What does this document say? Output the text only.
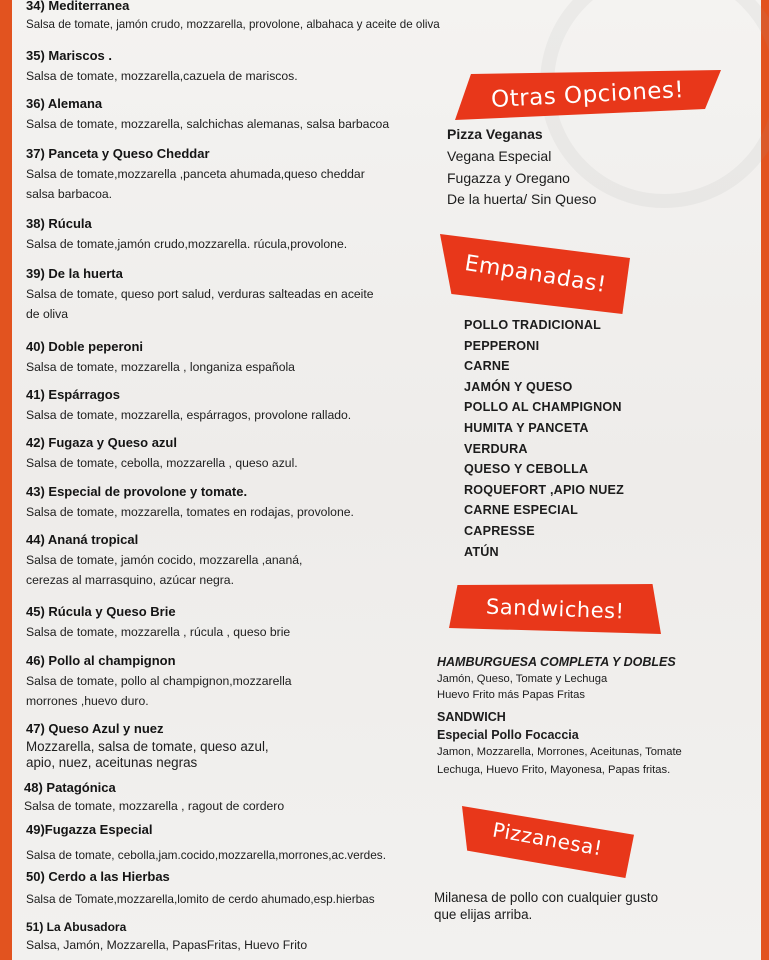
34) Mediterranea
Salsa de tomate, jamón crudo, mozzarella, provolone, albahaca y aceite de oliva
35) Mariscos .
Salsa de tomate, mozzarella,cazuela de mariscos.
36) Alemana
Salsa de tomate, mozzarella, salchichas alemanas, salsa barbacoa
37) Panceta y Queso Cheddar
Salsa de tomate,mozzarella ,panceta ahumada,queso cheddar
salsa barbacoa.
38) Rúcula
Salsa de tomate,jamón crudo,mozzarella. rúcula,provolone.
39) De la huerta
Salsa de tomate, queso port salud, verduras salteadas en aceite
de oliva
40) Doble peperoni
Salsa de tomate, mozzarella , longaniza española
41) Espárragos
Salsa de tomate, mozzarella, espárragos, provolone rallado.
42) Fugaza y Queso azul
Salsa de tomate, cebolla, mozzarella , queso azul.
43) Especial de provolone y tomate.
Salsa de tomate, mozzarella, tomates en rodajas, provolone.
44) Ananá tropical
Salsa de tomate, jamón cocido, mozzarella ,ananá,
cerezas al marrasquino, azúcar negra.
45) Rúcula y Queso Brie
Salsa de tomate, mozzarella , rúcula , queso brie
46) Pollo al champignon
Salsa de tomate, pollo al champignon,mozzarella
morrones ,huevo duro.
47) Queso Azul y nuez
Mozzarella, salsa de tomate, queso azul,
apio, nuez, aceitunas negras
48) Patagónica
Salsa de tomate, mozzarella , ragout de cordero
49)Fugazza Especial
Salsa de tomate, cebolla,jam.cocido,mozzarella,morrones,ac.verdes.
50) Cerdo a las Hierbas
Salsa de Tomate,mozzarella,lomito de cerdo ahumado,esp.hierbas
51) La Abusadora
Salsa, Jamón, Mozzarella, PapasFritas, Huevo Frito
Otras Opciones!
Pizza Veganas
Vegana Especial
Fugazza y Oregano
De la huerta/ Sin Queso
Empanadas!
POLLO TRADICIONAL
PEPPERONI
CARNE
JAMÓN Y QUESO
POLLO AL CHAMPIGNON
HUMITA Y PANCETA
VERDURA
QUESO Y CEBOLLA
ROQUEFORT ,APIO NUEZ
CARNE ESPECIAL
CAPRESSE
ATÚN
Sandwiches!
HAMBURGUESA COMPLETA Y DOBLES
Jamón, Queso, Tomate y Lechuga
Huevo Frito más Papas Fritas
SANDWICH
Especial Pollo Focaccia
Jamon, Mozzarella, Morrones, Aceitunas, Tomate
Lechuga, Huevo Frito, Mayonesa, Papas fritas.
Pizzanesa!
Milanesa de pollo con cualquier gusto
que elijas arriba.
